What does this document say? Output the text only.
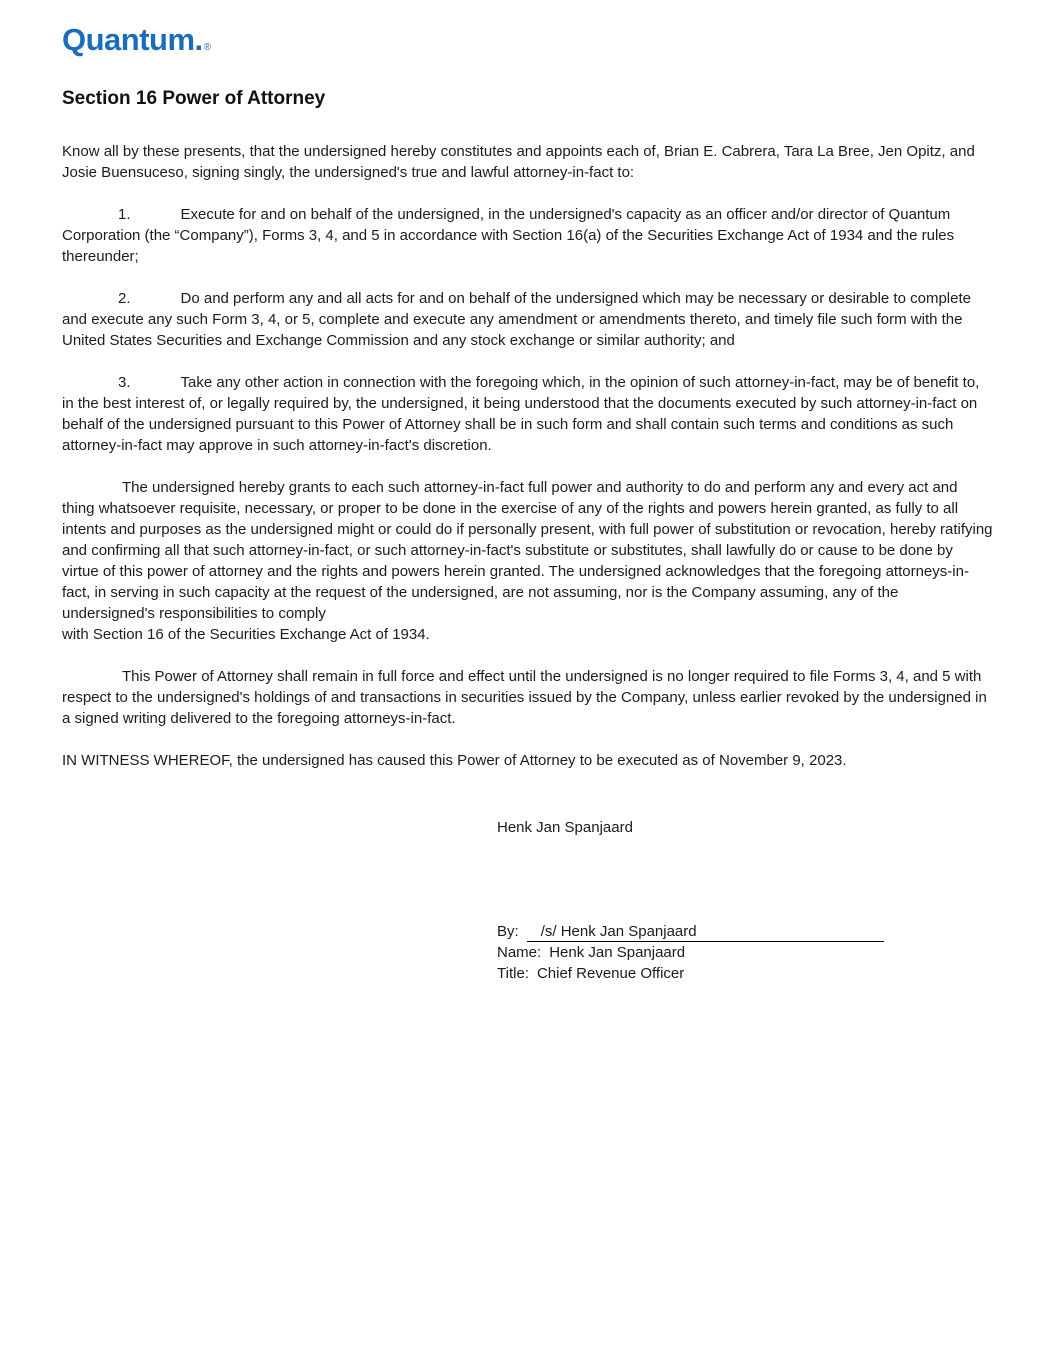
Quantum.®
Section 16 Power of Attorney

Know all by these presents, that the undersigned hereby constitutes and appoints each of, Brian E. Cabrera, Tara La Bree, Jen Opitz, and Josie Buensuceso, signing singly, the undersigned's true and lawful attorney-in-fact to:

1.	Execute for and on behalf of the undersigned, in the undersigned's capacity as an officer and/or director of Quantum Corporation (the “Company”), Forms 3, 4, and 5 in accordance with Section 16(a) of the Securities Exchange Act of 1934 and the rules thereunder;

2.	Do and perform any and all acts for and on behalf of the undersigned which may be necessary or desirable to complete and execute any such Form 3, 4, or 5, complete and execute any amendment or amendments thereto, and timely file such form with the United States Securities and Exchange Commission and any stock exchange or similar authority; and

3.	Take any other action in connection with the foregoing which, in the opinion of such attorney-in-fact, may be of benefit to, in the best interest of, or legally required by, the undersigned, it being understood that the documents executed by such attorney-in-fact on behalf of the undersigned pursuant to this Power of Attorney shall be in such form and shall contain such terms and conditions as such attorney-in-fact may approve in such attorney-in-fact's discretion.

The undersigned hereby grants to each such attorney-in-fact full power and authority to do and perform any and every act and thing whatsoever requisite, necessary, or proper to be done in the exercise of any of the rights and powers herein granted, as fully to all intents and purposes as the undersigned might or could do if personally present, with full power of substitution or revocation, hereby ratifying and confirming all that such attorney-in-fact, or such attorney-in-fact's substitute or substitutes, shall lawfully do or cause to be done by virtue of this power of attorney and the rights and powers herein granted. The undersigned acknowledges that the foregoing attorneys-in-fact, in serving in such capacity at the request of the undersigned, are not assuming, nor is the Company assuming, any of the undersigned's responsibilities to comply
with Section 16 of the Securities Exchange Act of 1934.

This Power of Attorney shall remain in full force and effect until the undersigned is no longer required to file Forms 3, 4, and 5 with respect to the undersigned's holdings of and transactions in securities issued by the Company, unless earlier revoked by the undersigned in a signed writing delivered to the foregoing attorneys-in-fact.

IN WITNESS WHEREOF, the undersigned has caused this Power of Attorney to be executed as of November 9, 2023.

Henk Jan Spanjaard
By: /s/ Henk Jan Spanjaard
Name: Henk Jan Spanjaard
Title: Chief Revenue Officer
